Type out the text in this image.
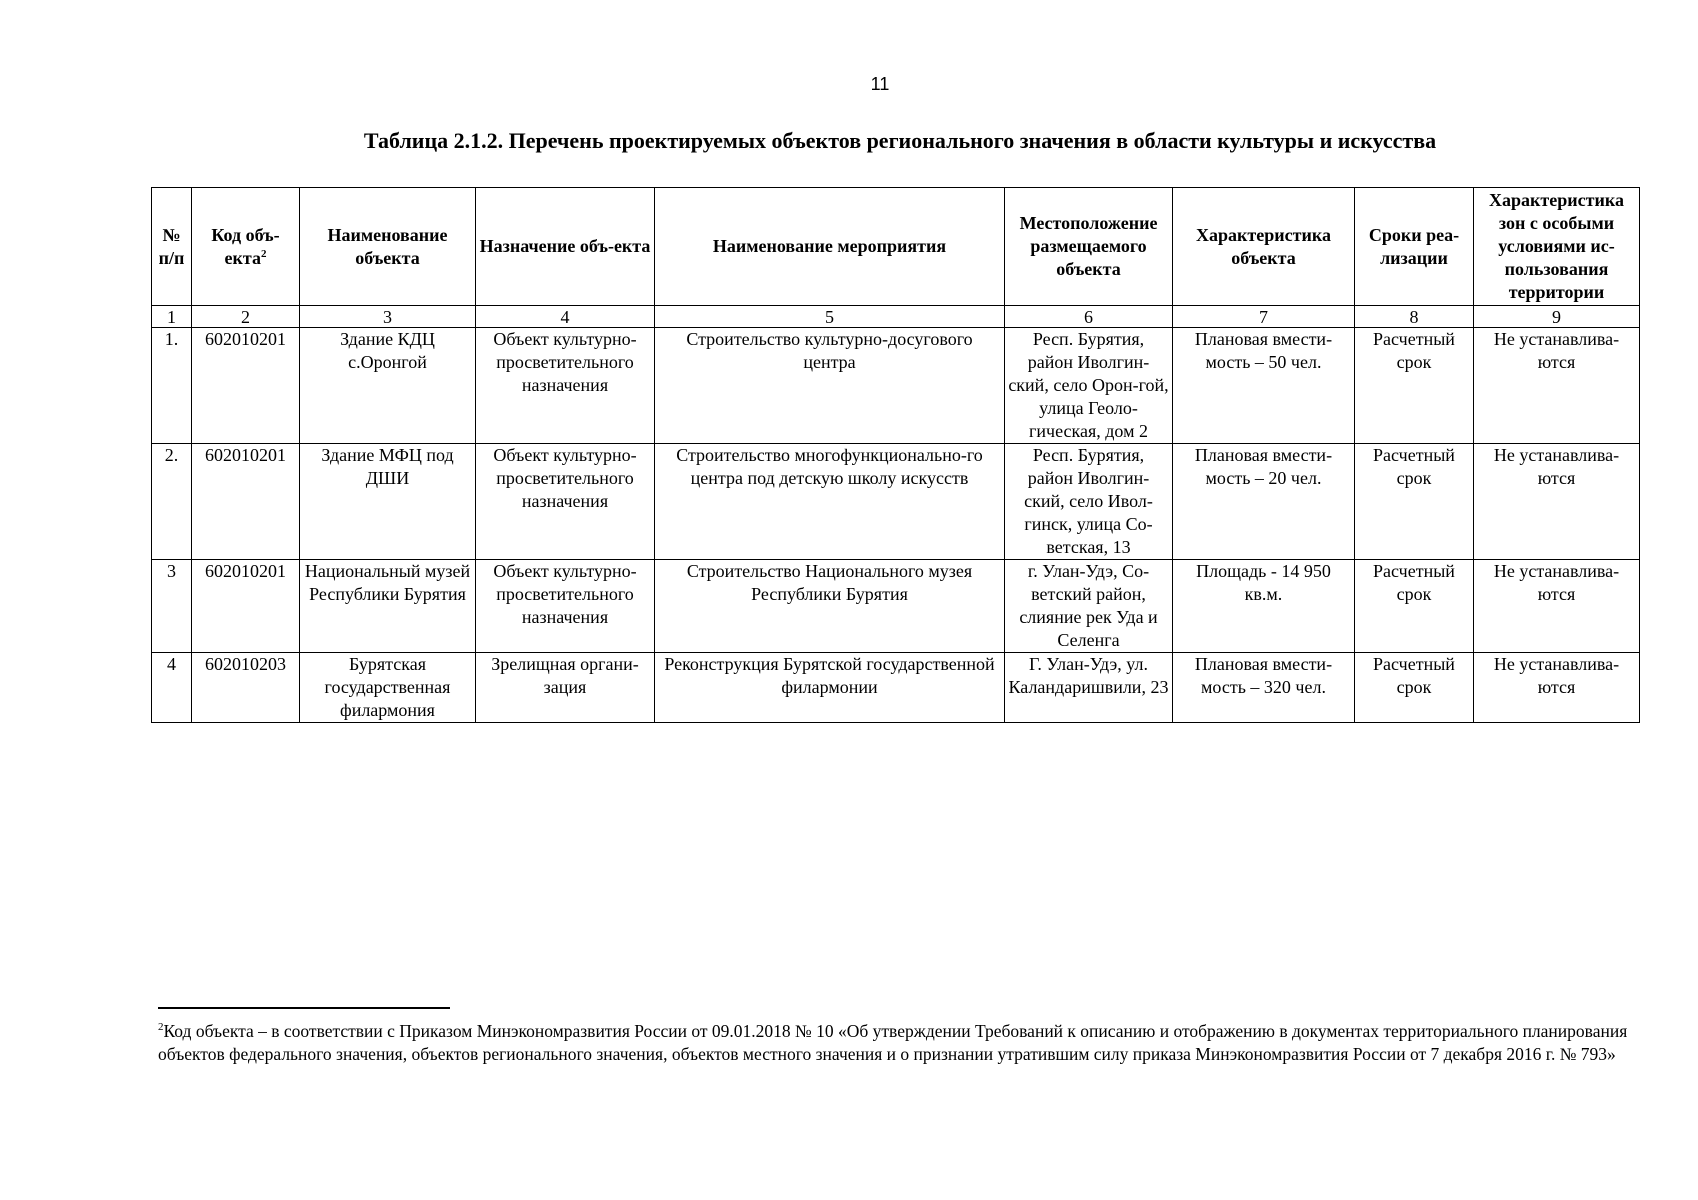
11
Таблица 2.1.2. Перечень проектируемых объектов регионального значения в области культуры и искусства
№ п/п	Код объ-екта$^2$	Наименование объекта	Назначение объ-екта	Наименование мероприятия	Местоположение размещаемого объекта	Характеристика объекта	Сроки реа-лизации	Характеристика зон с особыми условиями ис-пользования территории
1	2	3	4	5	6	7	8	9
1.	602010201	Здание КДЦ с.Оронгой	Объект культурно-просветительного назначения	Строительство культурно-досугового центра	Респ. Бурятия, район Иволгин-ский, село Орон-гой, улица Геоло-гическая, дом 2	Плановая вмести-мость – 50 чел.	Расчетный срок	Не устанавлива-ются
2.	602010201	Здание МФЦ под ДШИ	Объект культурно-просветительного назначения	Строительство многофункционально-го центра под детскую школу искусств	Респ. Бурятия, район Иволгин-ский, село Ивол-гинск, улица Со-ветская, 13	Плановая вмести-мость – 20 чел.	Расчетный срок	Не устанавлива-ются
3	602010201	Национальный музей Республики Бурятия	Объект культурно-просветительного назначения	Строительство Национального музея Республики Бурятия	г. Улан-Удэ, Со-ветский район, слияние рек Уда и Селенга	Площадь - 14 950 кв.м.	Расчетный срок	Не устанавлива-ются
4	602010203	Бурятская государственная филармония	Зрелищная органи-зация	Реконструкция Бурятской государственной филармонии	Г. Улан-Удэ, ул. Каландаришвили, 23	Плановая вмести-мость – 320 чел.	Расчетный срок	Не устанавлива-ются
$^2$Код объекта – в соответствии с Приказом Минэкономразвития России от 09.01.2018 № 10 «Об утверждении Требований к описанию и отображению в документах территориального планирования объектов федерального значения, объектов регионального значения, объектов местного значения и о признании утратившим силу приказа Минэкономразвития России от 7 декабря 2016 г. № 793»
